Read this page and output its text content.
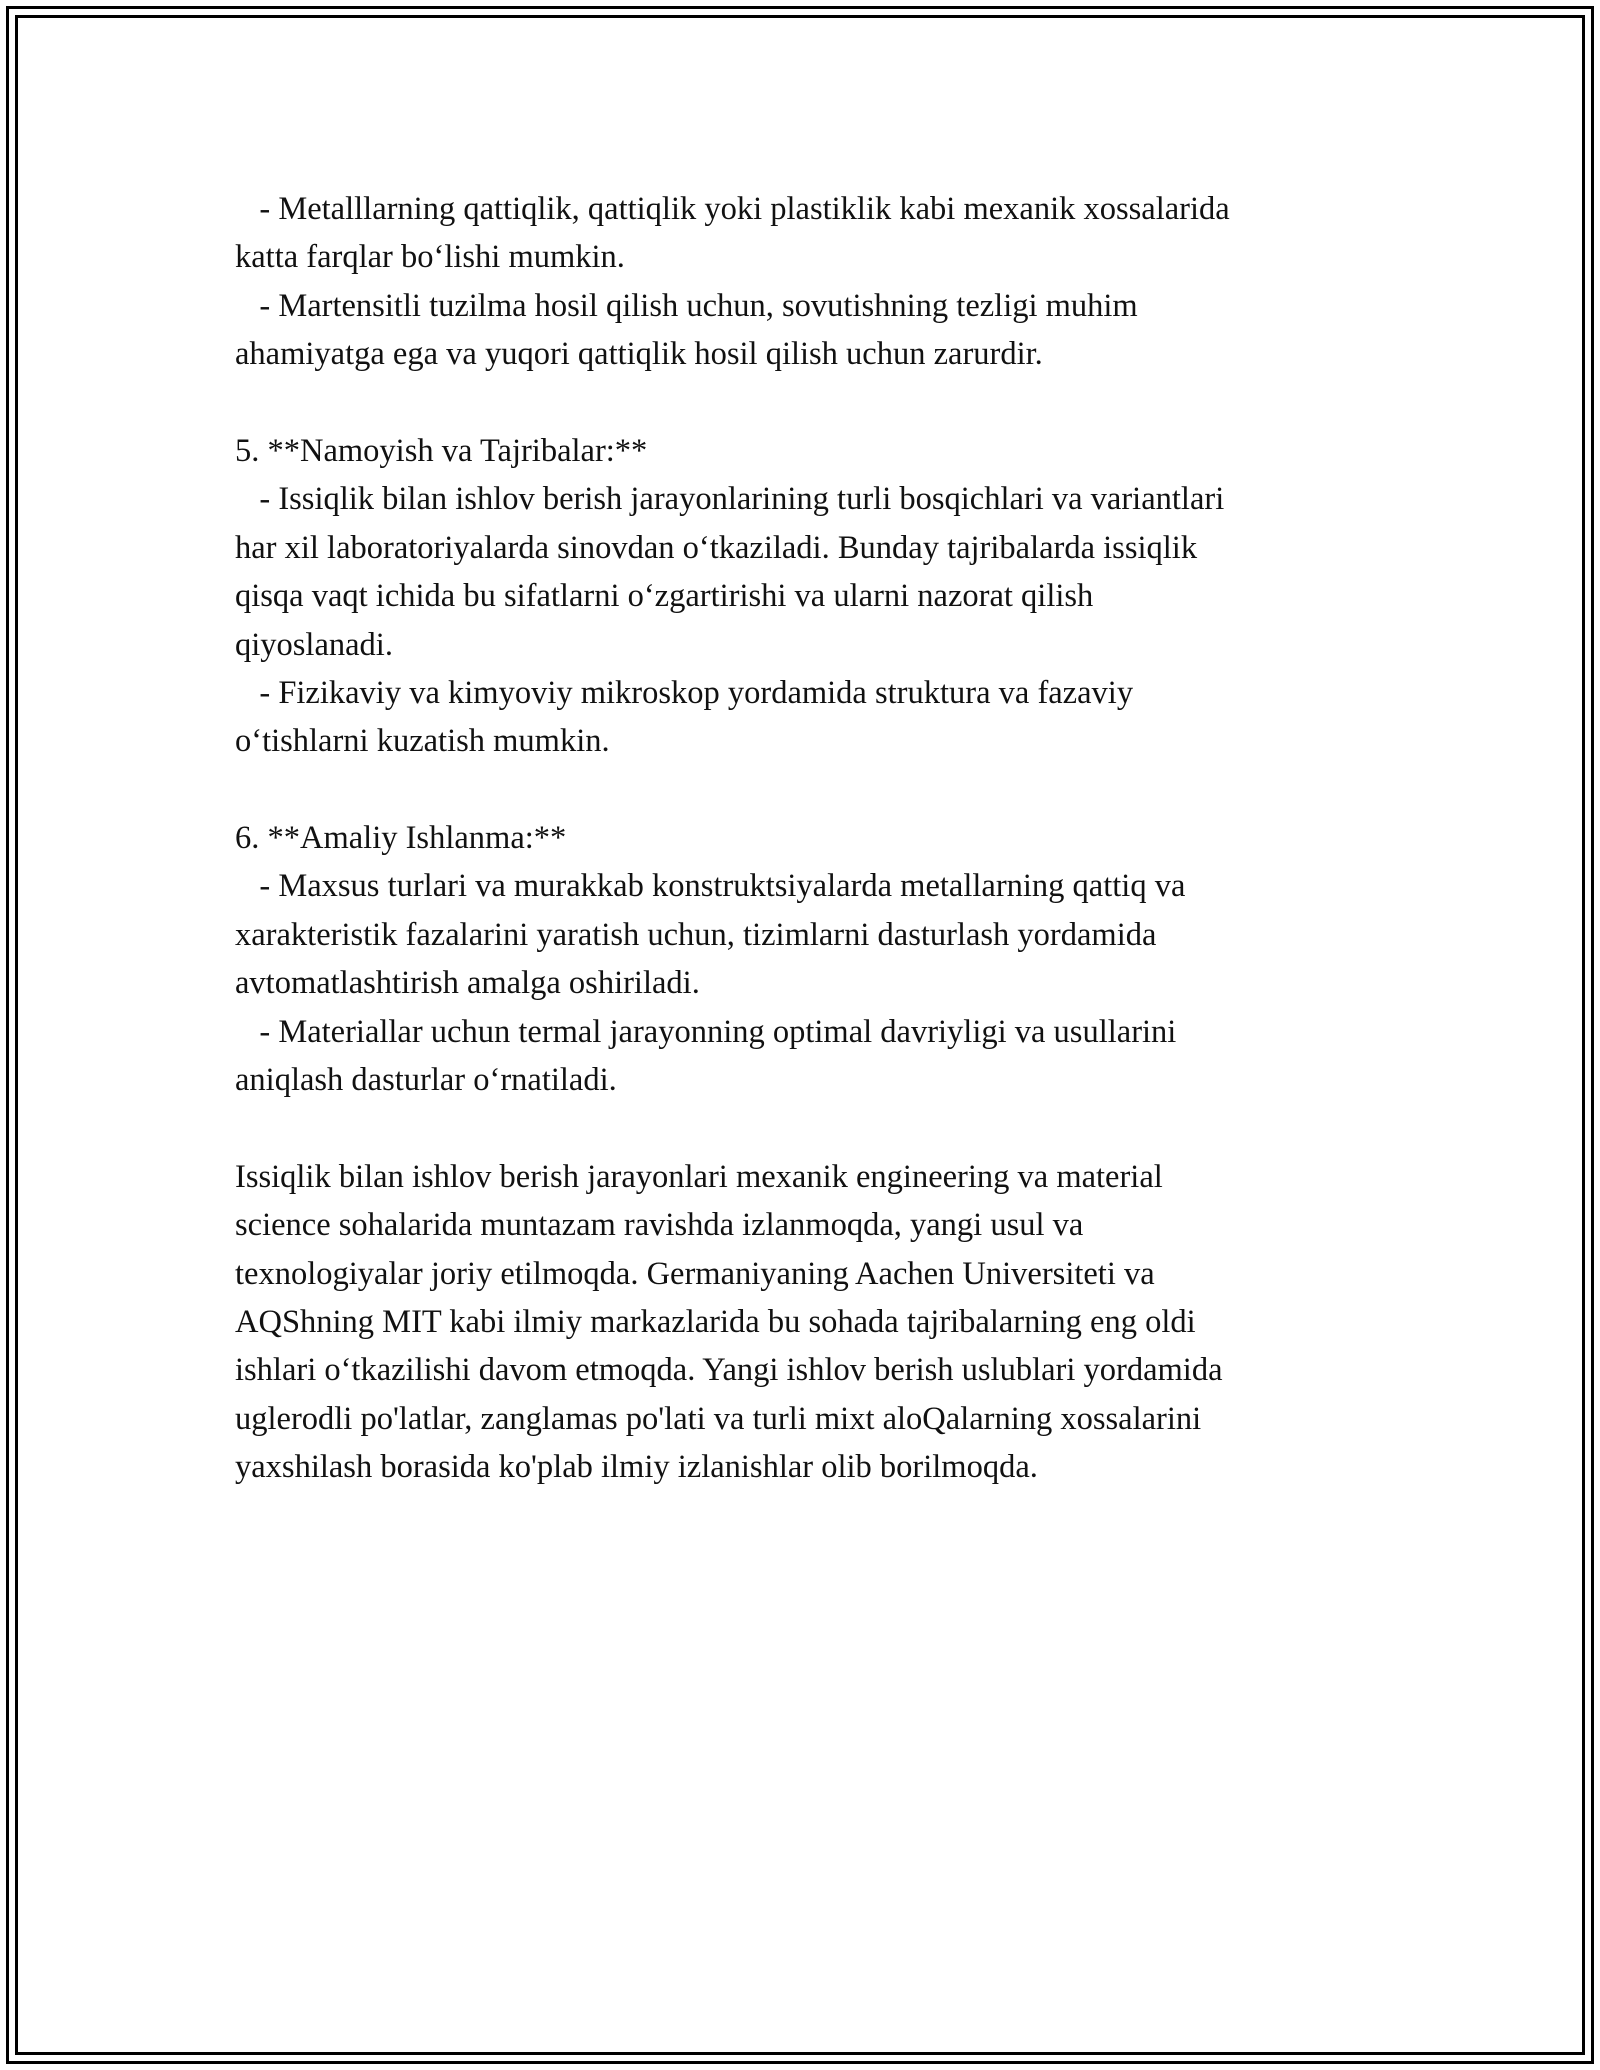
- Metalllarning qattiqlik, qattiqlik yoki plastiklik kabi mexanik xossalarida
katta farqlar bo‘lishi mumkin.
- Martensitli tuzilma hosil qilish uchun, sovutishning tezligi muhim
ahamiyatga ega va yuqori qattiqlik hosil qilish uchun zarurdir.
5. **Namoyish va Tajribalar:**
- Issiqlik bilan ishlov berish jarayonlarining turli bosqichlari va variantlari
har xil laboratoriyalarda sinovdan o‘tkaziladi. Bunday tajribalarda issiqlik
qisqa vaqt ichida bu sifatlarni o‘zgartirishi va ularni nazorat qilish
qiyoslanadi.
- Fizikaviy va kimyoviy mikroskop yordamida struktura va fazaviy
o‘tishlarni kuzatish mumkin.
6. **Amaliy Ishlanma:**
- Maxsus turlari va murakkab konstruktsiyalarda metallarning qattiq va
xarakteristik fazalarini yaratish uchun, tizimlarni dasturlash yordamida
avtomatlashtirish amalga oshiriladi.
- Materiallar uchun termal jarayonning optimal davriyligi va usullarini
aniqlash dasturlar o‘rnatiladi.
Issiqlik bilan ishlov berish jarayonlari mexanik engineering va material
science sohalarida muntazam ravishda izlanmoqda, yangi usul va
texnologiyalar joriy etilmoqda. Germaniyaning Aachen Universiteti va
AQShning MIT kabi ilmiy markazlarida bu sohada tajribalarning eng oldi
ishlari o‘tkazilishi davom etmoqda. Yangi ishlov berish uslublari yordamida
uglerodli po'latlar, zanglamas po'lati va turli mixt aloQalarning xossalarini
yaxshilash borasida ko'plab ilmiy izlanishlar olib borilmoqda.
